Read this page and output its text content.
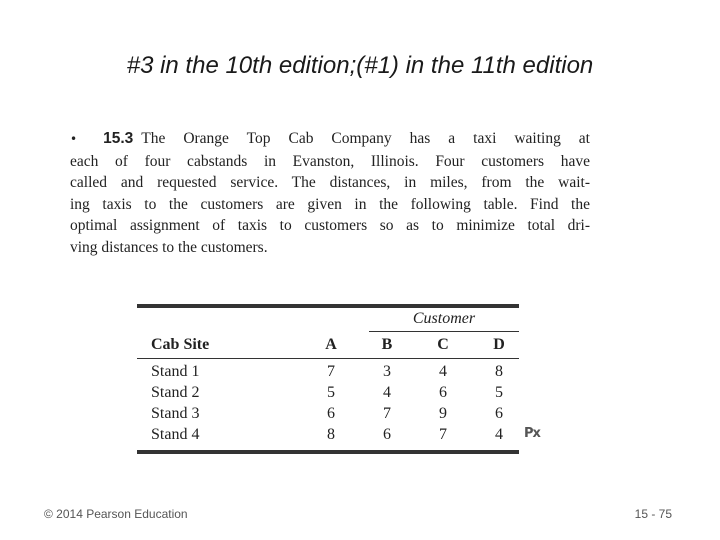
#3 in the 10th edition;(#1) in the 11th edition
• 15.3 The Orange Top Cab Company has a taxi waiting at
each of four cabstands in Evanston, Illinois. Four customers have
called and requested service. The distances, in miles, from the wait-
ing taxis to the customers are given in the following table. Find the
optimal assignment of taxis to customers so as to minimize total dri-
ving distances to the customers.
Customer
Cab Site	A	B	C	D
Stand 1	7	3	4	8
Stand 2	5	4	6	5
Stand 3	6	7	9	6
Stand 4	8	6	7	4	Px
© 2014 Pearson Education	15 - 75
